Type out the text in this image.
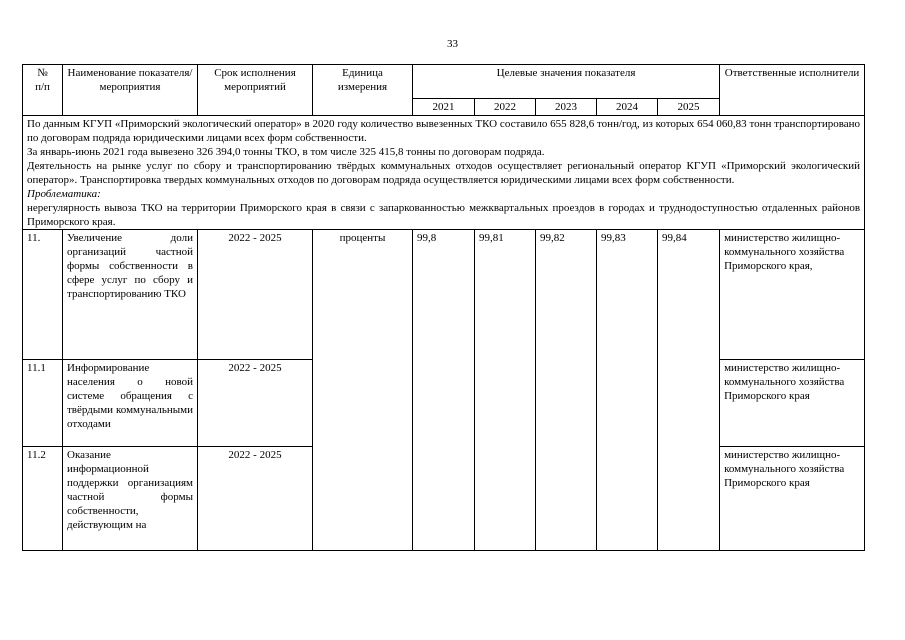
33
№
п/п	Наименование показателя/мероприятия	Срок исполнения мероприятий	Единица измерения	Целевые значения показателя					Ответственные исполнители
				2021	2022	2023	2024	2025	

По данным КГУП «Приморский экологический оператор» в 2020 году количество вывезенных ТКО составило 655 828,6 тонн/год, из которых 654 060,83 тонн транспортировано по договорам подряда юридическими лицами всех форм собственности.

За январь-июнь 2021 года вывезено 326 394,0 тонны ТКО, в том числе 325 415,8 тонны по договорам подряда.

Деятельность на рынке услуг по сбору и транспортированию твёрдых коммунальных отходов осуществляет региональный оператор КГУП «Приморский экологический оператор». Транспортировка твердых коммунальных отходов по договорам подряда осуществляется юридическими лицами всех форм собственности.

Проблематика:

нерегулярность вывоза ТКО на территории Приморского края в связи с запаркованностью межквартальных проездов в городах и труднодоступностью отдаленных районов Приморского края.									

11.	Увеличение доли организаций частной формы собственности в сфере услуг по сбору и транспортированию ТКО	2022 - 2025	проценты	99,8	99,81	99,82	99,83	99,84	министерство жилищно-коммунального хозяйства Приморского края,
11.1	Информирование населения о новой системе обращения с твёрдыми коммунальными отходами	2022 - 2025							министерство жилищно-коммунального хозяйства Приморского края
11.2	Оказание информационной поддержки организациям частной формы собственности, действующим на	2022 - 2025							министерство жилищно-коммунального хозяйства Приморского края
